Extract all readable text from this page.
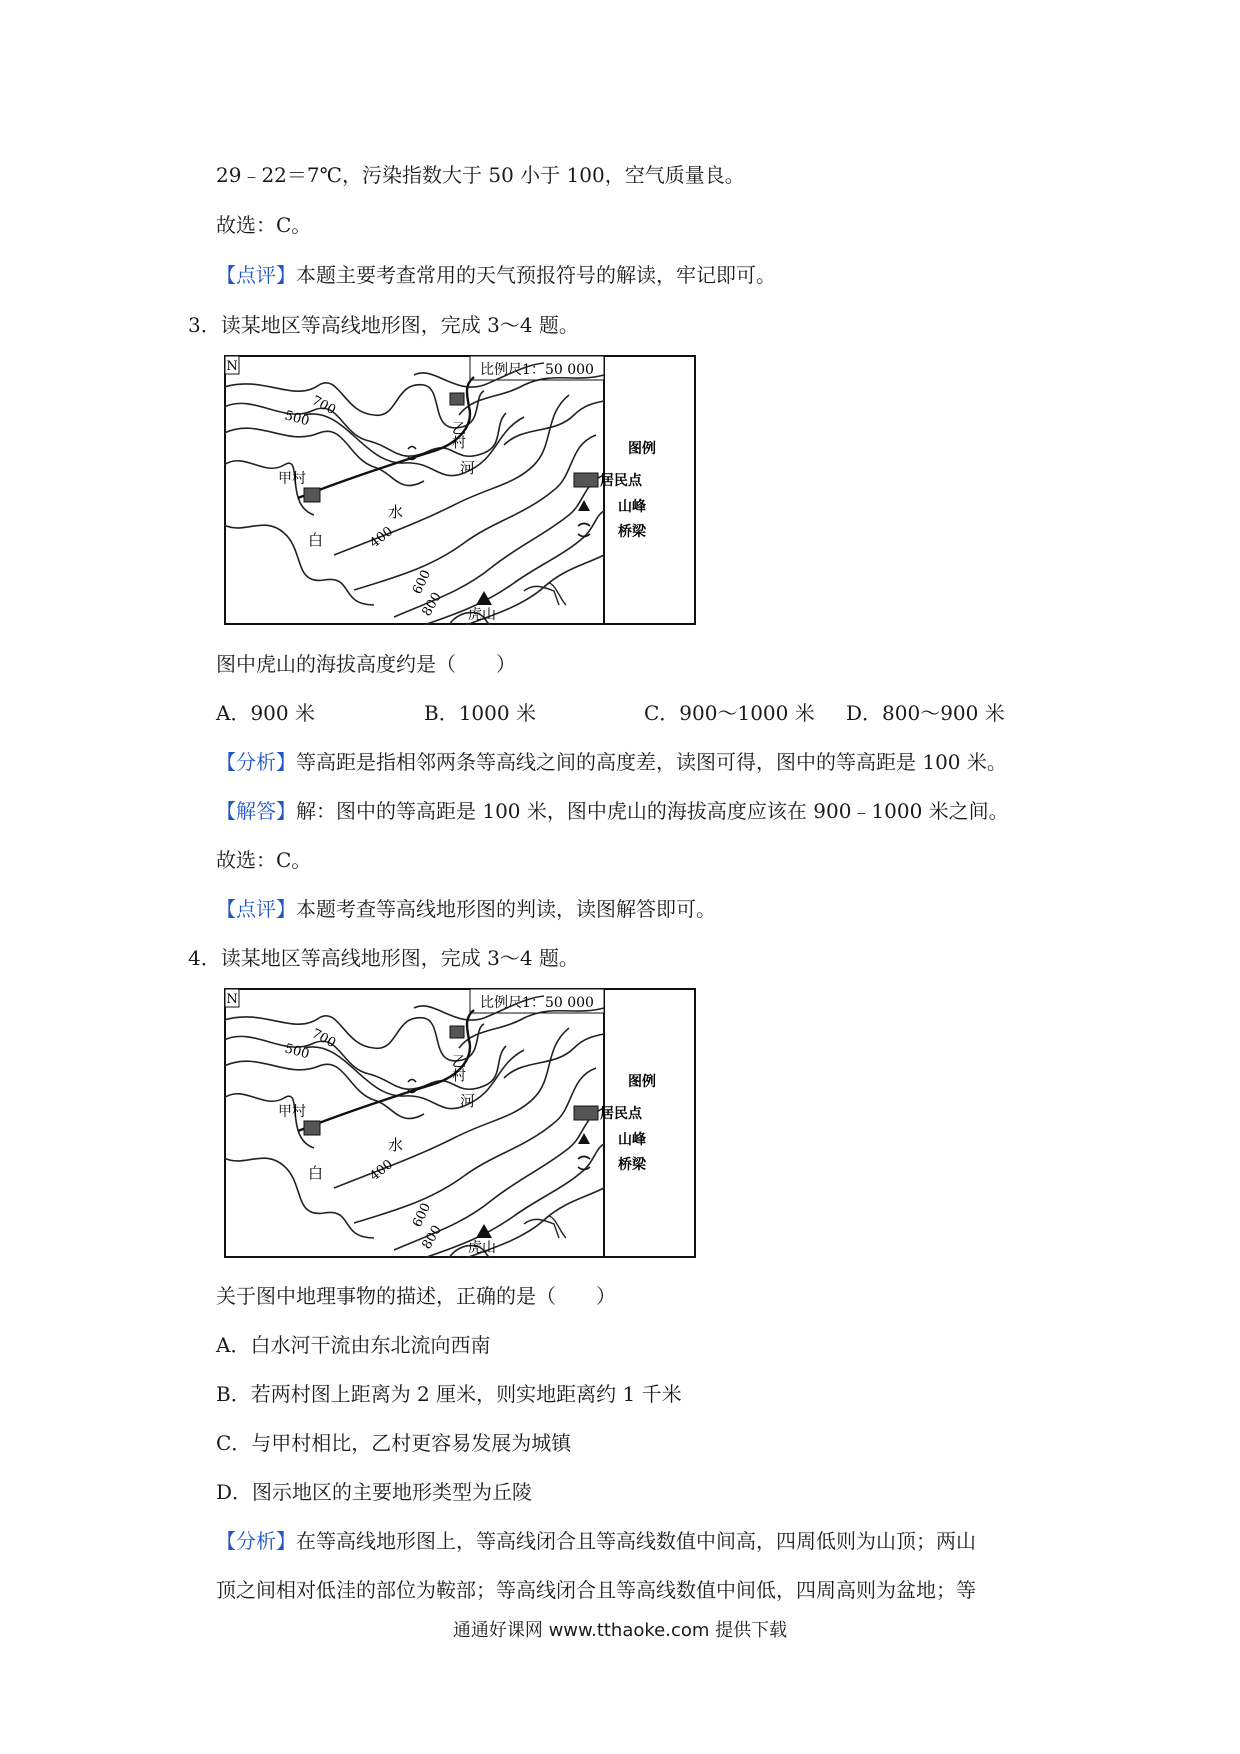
29﹣22＝7℃，污染指数大于 50 小于 100，空气质量良。
故选：C。
【点评】本题主要考查常用的天气预报符号的解读，牢记即可。
3．读某地区等高线地形图，完成 3～4 题。
N	比例尺1：50 000
700
500
400
600
800
甲村
乙村
虎山
白
水
河
图例
居民点
山峰
桥梁
图中虎山的海拔高度约是（　　）
A．900 米	B．1000 米	C．900～1000 米 D．800～900 米
【分析】等高距是指相邻两条等高线之间的高度差，读图可得，图中的等高距是 100 米。
【解答】解：图中的等高距是 100 米，图中虎山的海拔高度应该在 900﹣1000 米之间。
故选：C。
【点评】本题考查等高线地形图的判读，读图解答即可。
4．读某地区等高线地形图，完成 3～4 题。
N	比例尺1：50 000
700
500
400
600
800
甲村
乙村
虎山
白
水
河
图例
居民点
山峰
桥梁
关于图中地理事物的描述，正确的是（　　）
A．白水河干流由东北流向西南
B．若两村图上距离为 2 厘米，则实地距离约 1 千米
C．与甲村相比，乙村更容易发展为城镇
D．图示地区的主要地形类型为丘陵
【分析】在等高线地形图上，等高线闭合且等高线数值中间高，四周低则为山顶；两山
顶之间相对低洼的部位为鞍部；等高线闭合且等高线数值中间低，四周高则为盆地；等
通通好课网 www.tthaoke.com 提供下载
